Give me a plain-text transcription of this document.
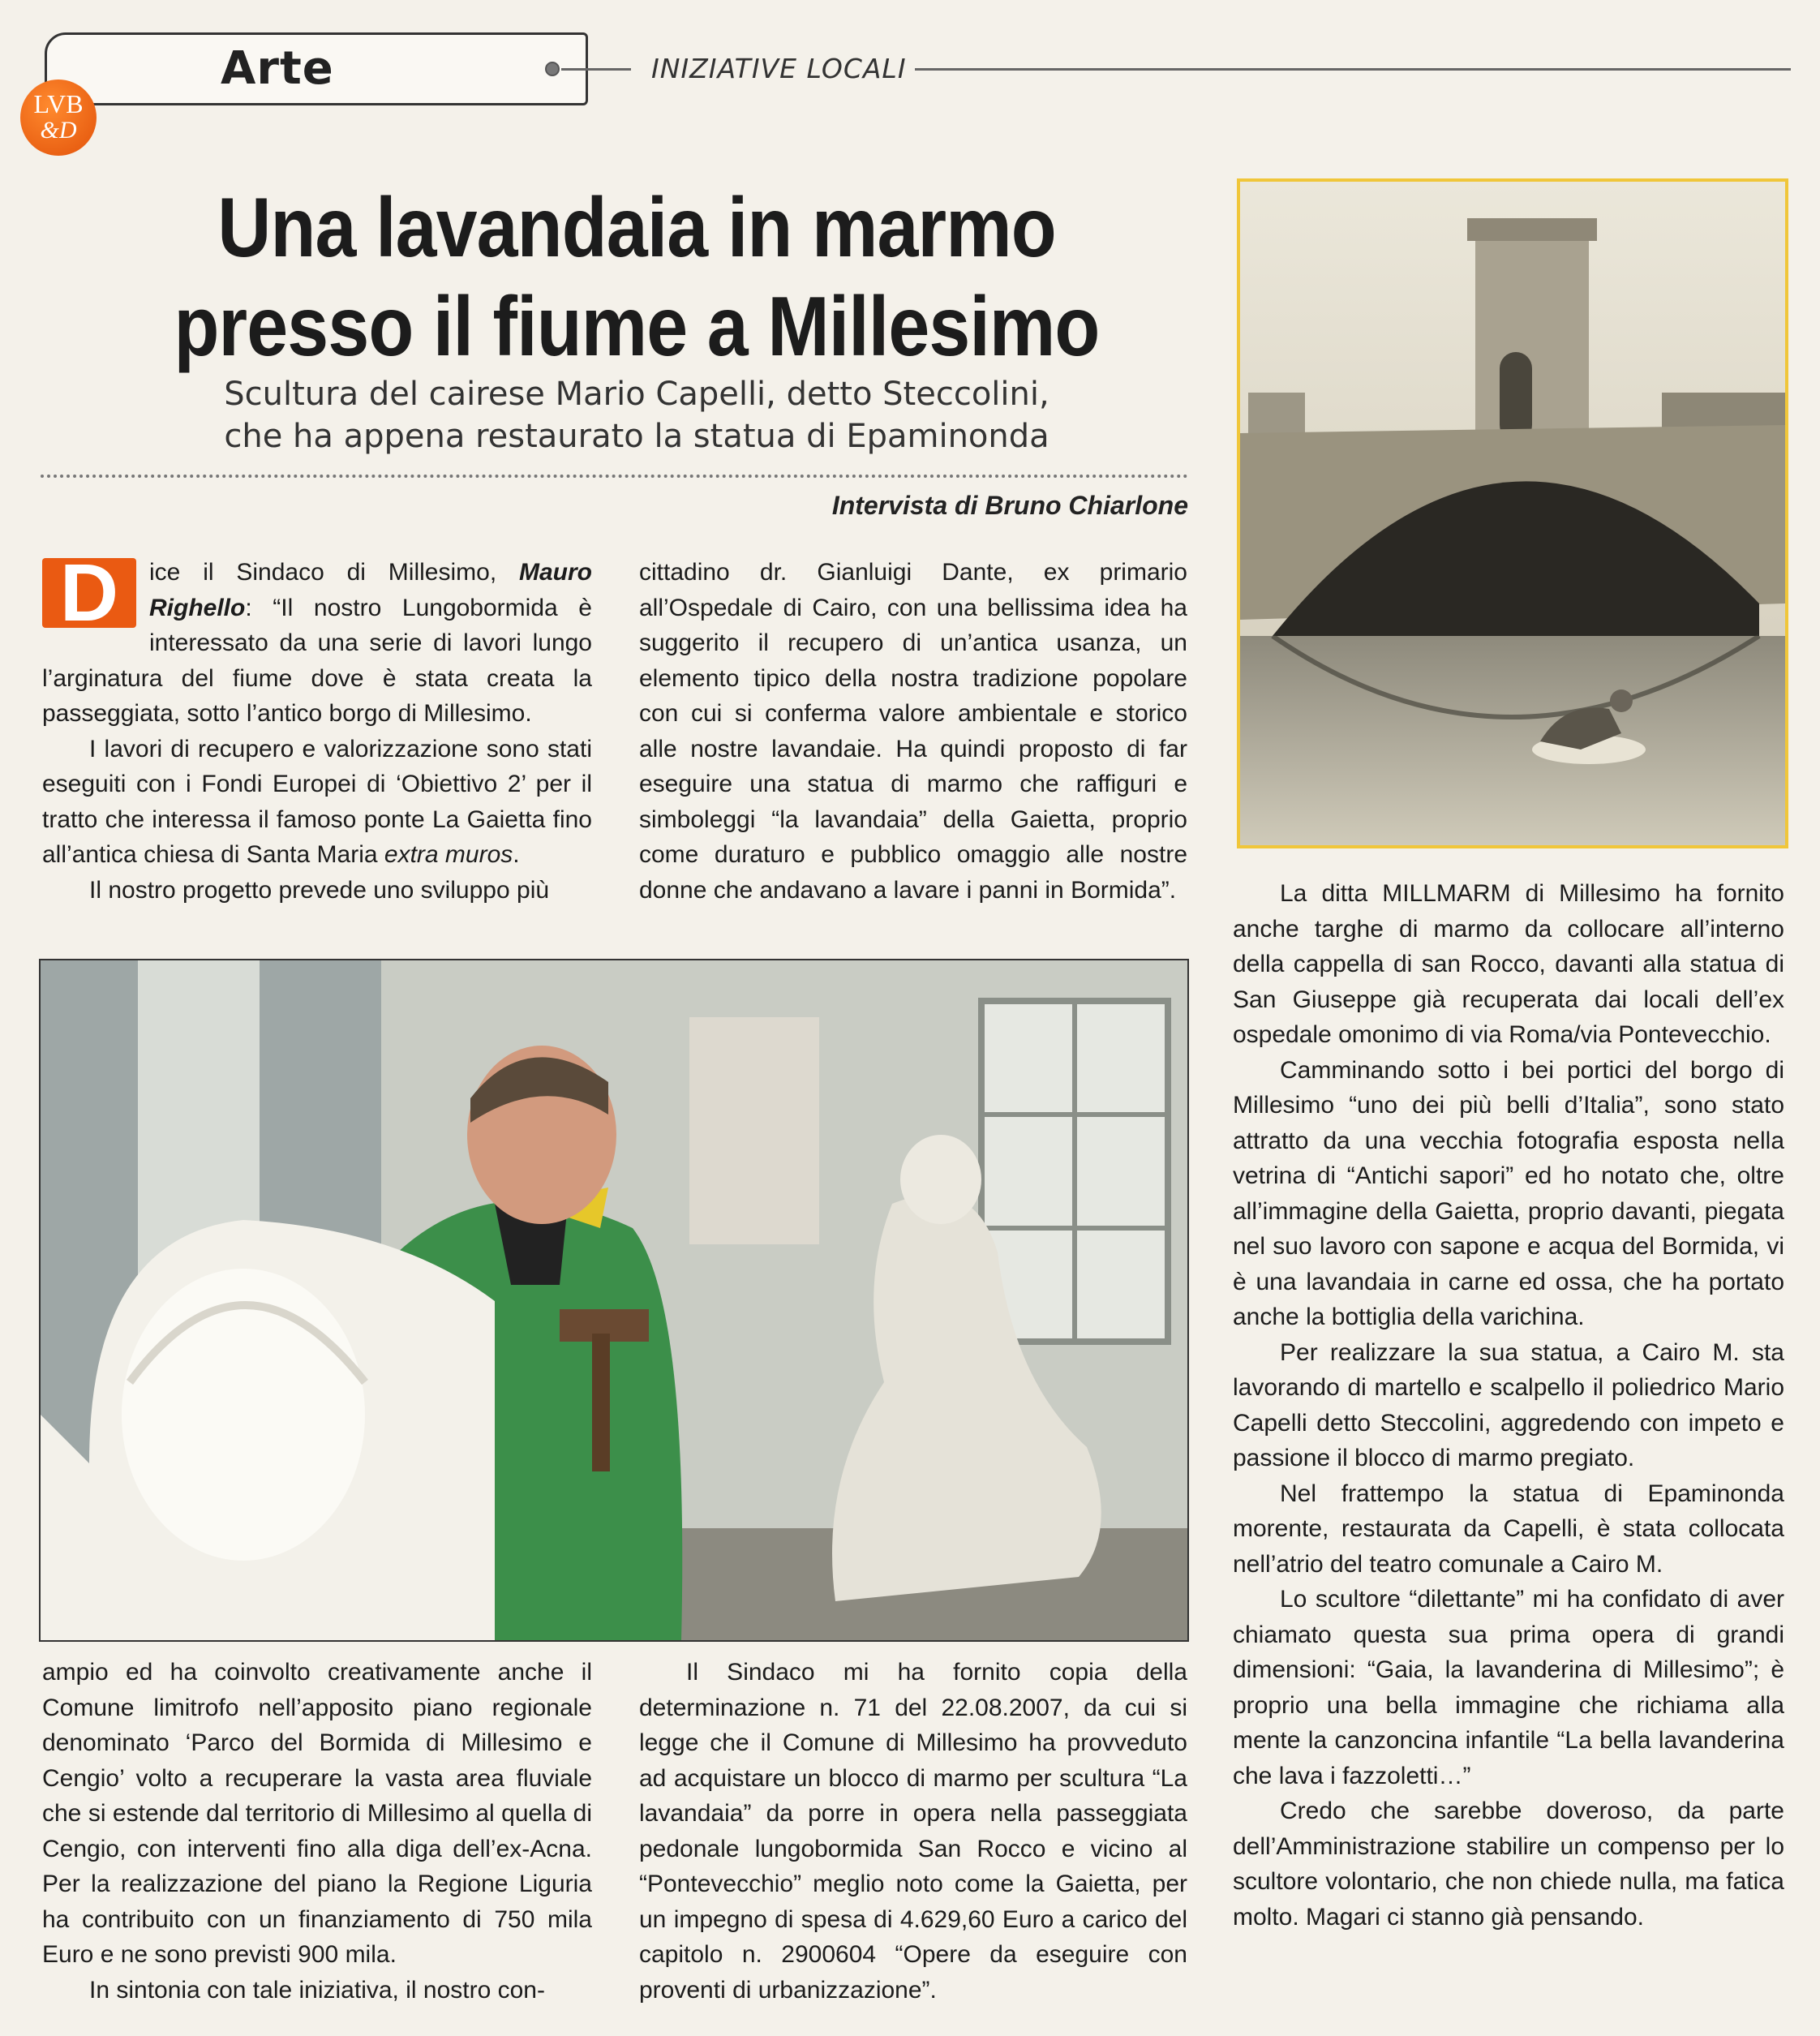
Arte	INIZIATIVE LOCALI
LVB
&D
Una lavandaia in marmo
presso il fiume a Millesimo
Scultura del cairese Mario Capelli, detto Steccolini,
che ha appena restaurato la statua di Epaminonda
Intervista di Bruno Chiarlone

D	ice il Sindaco di Millesimo, Mauro Righello: “Il nostro Lungobormida è interessato da una serie di lavori lungo l’arginatura del fiume dove è stata creata la passeggiata, sotto l’antico borgo di Millesimo.

I lavori di recupero e valorizzazione sono stati eseguiti con i Fondi Europei di ‘Obiettivo 2’ per il tratto che interessa il famoso ponte La Gaietta fino all’antica chiesa di Santa Maria extra muros.

Il nostro progetto prevede uno sviluppo più

cittadino dr. Gianluigi Dante, ex primario all’Ospedale di Cairo, con una bellissima idea ha suggerito il recupero di un’antica usanza, un elemento tipico della nostra tradizione popolare con cui si conferma valore ambientale e storico alle nostre lavandaie. Ha quindi proposto di far eseguire una statua di marmo che raffiguri e simboleggi “la lavandaia” della Gaietta, proprio come duraturo e pubblico omaggio alle nostre donne che andavano a lavare i panni in Bormida”.	La ditta MILLMARM di Millesimo ha fornito anche targhe di marmo da collocare all’interno della cappella di san Rocco, davanti alla statua di San Giuseppe già recuperata dai locali dell’ex ospedale omonimo di via Roma/via Pontevecchio.

Camminando sotto i bei portici del borgo di Millesimo “uno dei più belli d’Italia”, sono stato attratto da una vecchia fotografia esposta nella vetrina di “Antichi sapori” ed ho notato che, oltre all’immagine della Gaietta, proprio davanti, piegata nel suo lavoro con sapone e acqua del Bormida, vi è una lavandaia in carne ed ossa, che ha portato anche la bottiglia della varichina.

Per realizzare la sua statua, a Cairo M. sta lavorando di martello e scalpello il poliedrico Mario Capelli detto Steccolini, aggredendo con impeto e passione il blocco di marmo pregiato.

Nel frattempo la statua di Epaminonda morente, restaurata da Capelli, è stata collocata nell’atrio del teatro comunale a Cairo M.

Lo scultore “dilettante” mi ha confidato di aver chiamato questa sua prima opera di grandi dimensioni: “Gaia, la lavanderina di Millesimo”; è proprio una bella immagine che richiama alla mente la canzoncina infantile “La bella lavanderina che lava i fazzoletti…”

Credo che sarebbe doveroso, da parte dell’Amministrazione stabilire un compenso per lo scultore volontario, che non chiede nulla, ma fatica molto. Magari ci stanno già pensando.

ampio ed ha coinvolto creativamente anche il Comune limitrofo nell’apposito piano regionale denominato ‘Parco del Bormida di Millesimo e Cengio’ volto a recuperare la vasta area fluviale che si estende dal territorio di Millesimo al quella di Cengio, con interventi fino alla diga dell’ex-Acna. Per la realizzazione del piano la Regione Liguria ha contribuito con un finanziamento di 750 mila Euro e ne sono previsti 900 mila.

In sintonia con tale iniziativa, il nostro con-

Il Sindaco mi ha fornito copia della determinazione n. 71 del 22.08.2007, da cui si legge che il Comune di Millesimo ha provveduto ad acquistare un blocco di marmo per scultura “La lavandaia” da porre in opera nella passeggiata pedonale lungobormida San Rocco e vicino al “Pontevecchio” meglio noto come la Gaietta, per un impegno di spesa di 4.629,60 Euro a carico del capitolo n. 2900604 “Opere da eseguire con proventi di urbanizzazione”.
